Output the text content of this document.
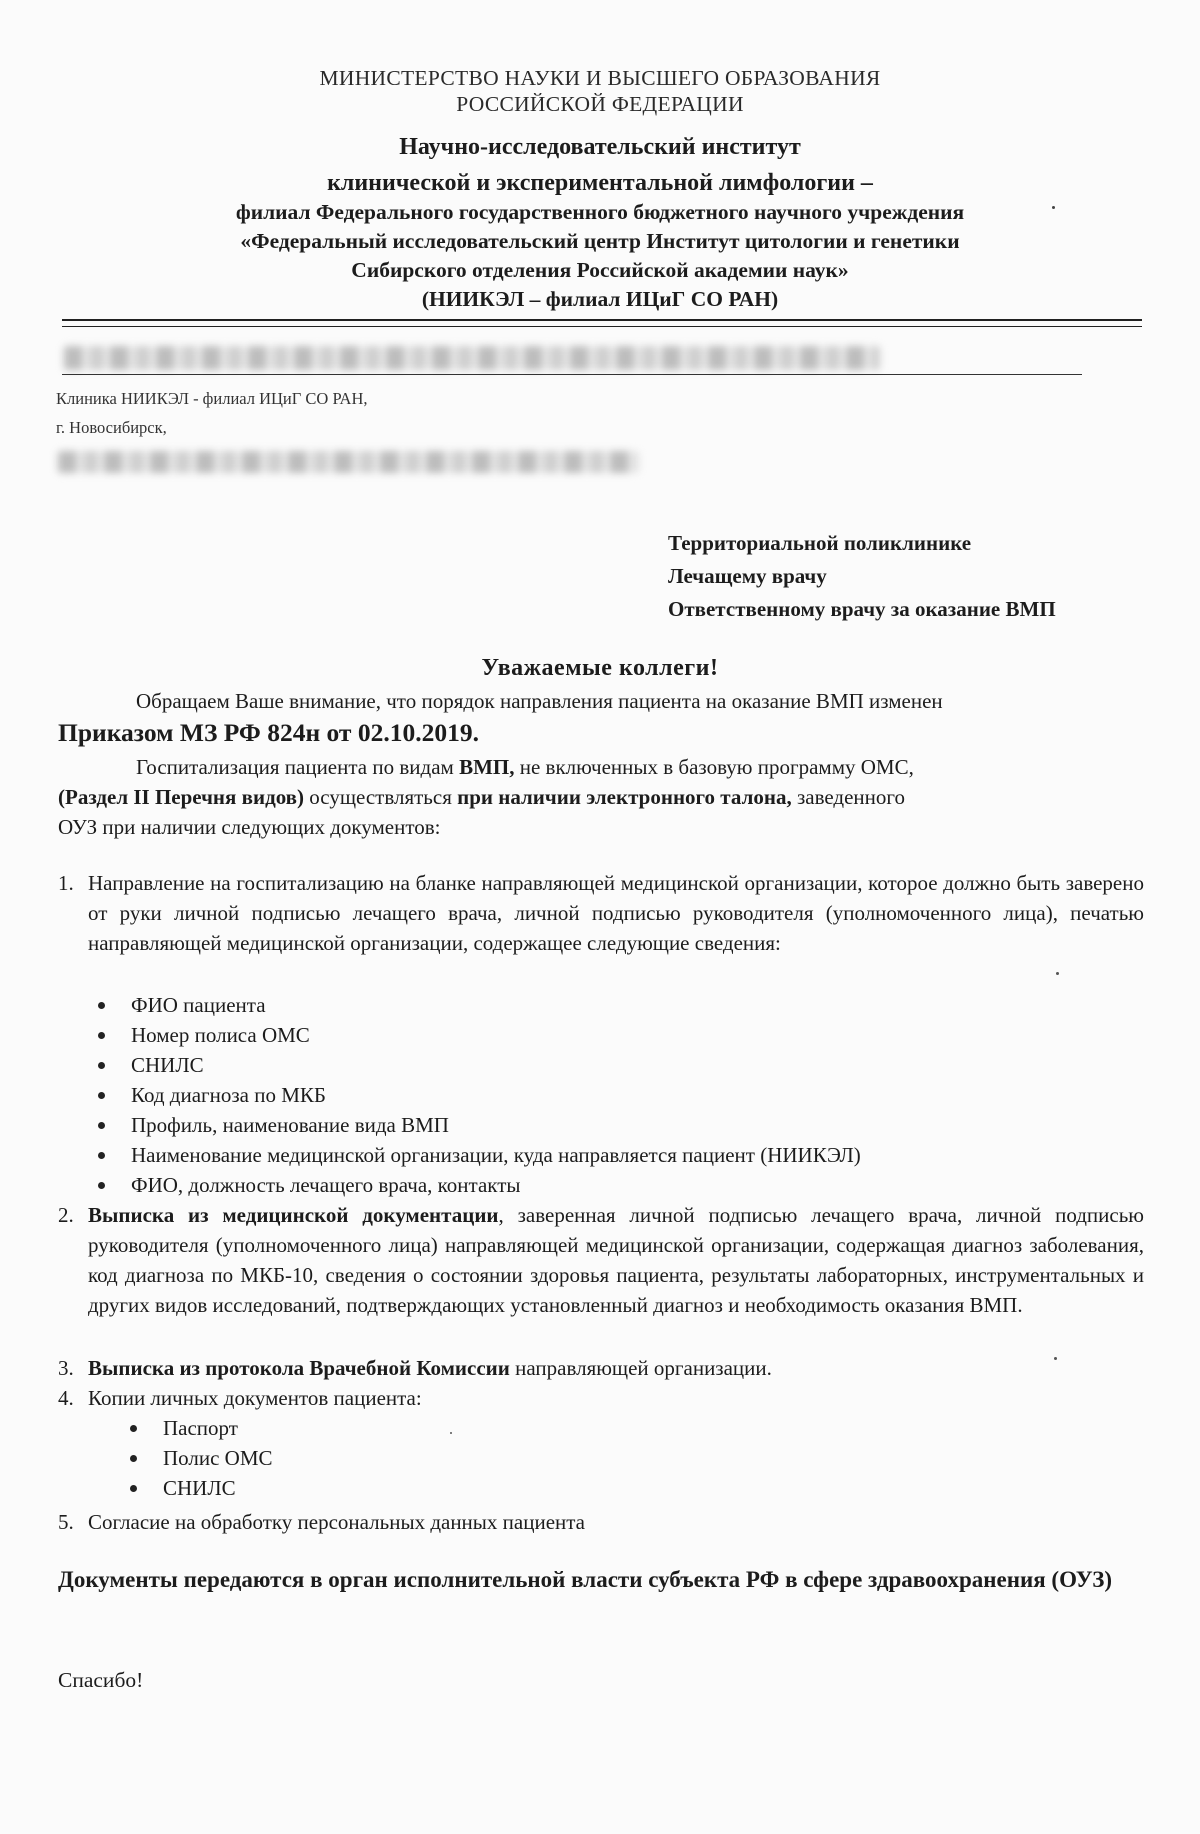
МИНИСТЕРСТВО НАУКИ И ВЫСШЕГО ОБРАЗОВАНИЯ
РОССИЙСКОЙ ФЕДЕРАЦИИ
Научно-исследовательский институт
клинической и экспериментальной лимфологии –
филиал Федерального государственного бюджетного научного учреждения
«Федеральный исследовательский центр Институт цитологии и генетики
Сибирского отделения Российской академии наук»
(НИИКЭЛ – филиал ИЦиГ СО РАН)
Клиника НИИКЭЛ - филиал ИЦиГ СО РАН,
г. Новосибирск,
Территориальной поликлинике
Лечащему врачу
Ответственному врачу за оказание ВМП
Уважаемые коллеги!
Обращаем Ваше внимание, что порядок направления пациента на оказание ВМП изменен
Приказом МЗ РФ 824н от 02.10.2019.
Госпитализация пациента по видам ВМП, не включенных в базовую программу ОМС,
(Раздел II Перечня видов) осуществляться при наличии электронного талона, заведенного
ОУЗ при наличии следующих документов:
1. Направление на госпитализацию на бланке направляющей медицинской организации, которое должно быть заверено от руки личной подписью лечащего врача, личной подписью руководителя (уполномоченного лица), печатью направляющей медицинской организации, содержащее следующие сведения:
ФИО пациента
Номер полиса ОМС
СНИЛС
Код диагноза по МКБ
Профиль, наименование вида ВМП
Наименование медицинской организации, куда направляется пациент (НИИКЭЛ)
ФИО, должность лечащего врача, контакты
2. Выписка из медицинской документации, заверенная личной подписью лечащего врача, личной подписью руководителя (уполномоченного лица) направляющей медицинской организации, содержащая диагноз заболевания, код диагноза по МКБ-10, сведения о состоянии здоровья пациента, результаты лабораторных, инструментальных и других видов исследований, подтверждающих установленный диагноз и необходимость оказания ВМП.
3. Выписка из протокола Врачебной Комиссии направляющей организации.
4. Копии личных документов пациента:
Паспорт
Полис ОМС
СНИЛС
5. Согласие на обработку персональных данных пациента
Документы передаются в орган исполнительной власти субъекта РФ в сфере здравоохранения (ОУЗ)
Спасибо!
